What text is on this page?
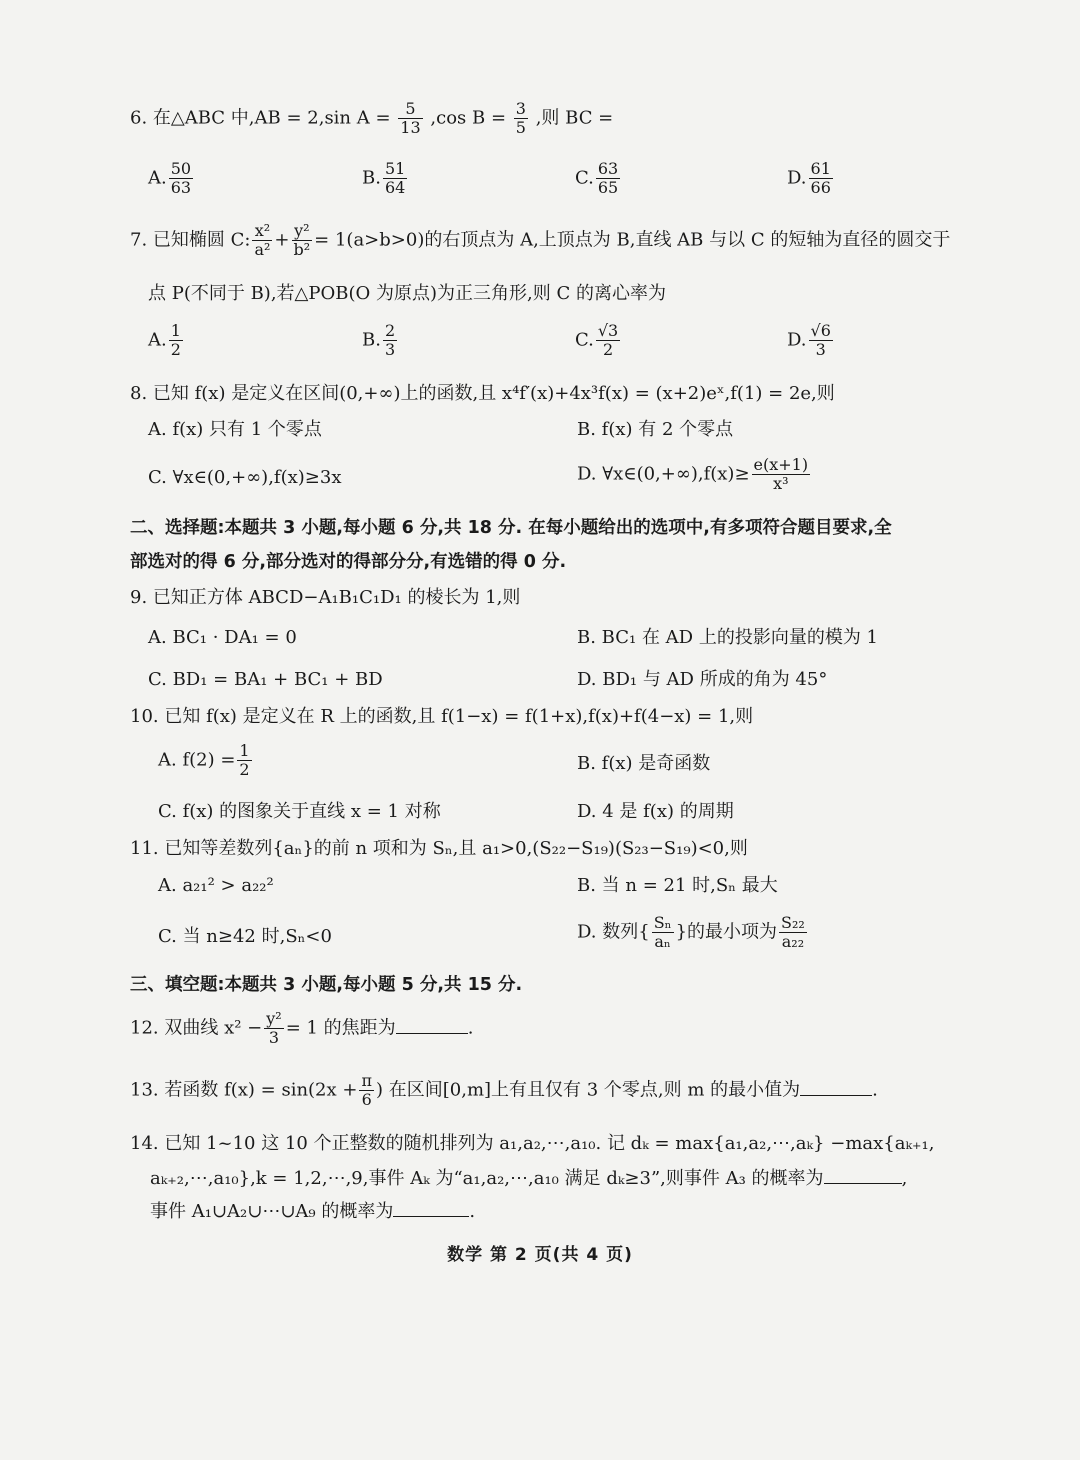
6. 在△ABC 中,AB = 2,sin $A = \frac{5}{13} ,\cos$ $B = \frac{3}{5}$ ,则 BC =
A. $\frac{50}{63}$	B. $\frac{51}{64}$	C. $\frac{63}{65}$	D. $\frac{61}{66}$
7. 已知椭圆 C: $\frac{\text{x²}}{\text{a²}} + \frac{\text{y²}}{\text{b²}} = 1(a>b>0)$的右顶点为 A,上顶点为 B,直线 AB 与以 C 的短轴为直径的圆交于
点 P(不同于 B),若△POB(O 为原点)为正三角形,则 C 的离心率为
A. $\frac{1}{2}$	B. $\frac{2}{3}$	C. $\frac{√3}{2}$	D. $\frac{√6}{3}$
8. 已知 f(x) 是定义在区间(0,+∞)上的函数,且 x⁴f′(x)+4x³f(x) = (x+2)eˣ,f(1) = 2e,则
A. f(x) 只有 1 个零点	B. f(x) 有 2 个零点
C. ∀x∈(0,+∞),f(x)≥3x	D. ∀x∈(0,+∞),f(x)≥ $\frac{e(x+1)}{\text{x³}}$
二、选择题:本题共 3 小题,每小题 6 分,共 18 分. 在每小题给出的选项中,有多项符合题目要求,全
部选对的得 6 分,部分选对的得部分分,有选错的得 0 分.
9. 已知正方体 ABCD−A₁B₁C₁D₁ 的棱长为 1,则
A. BC₁ · DA₁ = 0	B. BC₁ 在 AD 上的投影向量的模为 1
C. BD₁ = BA₁ + BC₁ + BD	D. BD₁ 与 AD 所成的角为 45°
10. 已知 f(x) 是定义在 R 上的函数,且 f(1−x) = f(1+x),f(x)+f(4−x) = 1,则
A. $f(2) = \frac{1}{2}$	B. f(x) 是奇函数
C. f(x) 的图象关于直线 x = 1 对称	D. 4 是 f(x) 的周期
11. 已知等差数列{aₙ}的前 n 项和为 Sₙ,且 a₁>0,(S₂₂−S₁₉)(S₂₃−S₁₉)<0,则
A. a₂₁² > a₂₂²	B. 当 n = 21 时,Sₙ 最大
C. 当 n≥42 时,Sₙ<0	D. 数列{ $\frac{\text{Sₙ}}{\text{aₙ}}$ }的最小项为 $\frac{\text{S₂₂}}{\text{a₂₂}}$
三、填空题:本题共 3 小题,每小题 5 分,共 15 分.
12. 双曲线 $x^2 - \frac{\text{y²}}{3} = 1$ 的焦距为	.
13. 若函数 $f(x) = \sin(2x + \frac{\pi}{6}$ ) 在区间[0,m]上有且仅有 3 个零点,则 m 的最小值为	.
14. 已知 1~10 这 10 个正整数的随机排列为 a₁,a₂,⋯,a₁₀. 记 dₖ = max{a₁,a₂,⋯,aₖ} −max{aₖ₊₁,
aₖ₊₂,⋯,a₁₀},k = 1,2,⋯,9,事件 Aₖ 为“a₁,a₂,⋯,a₁₀ 满足 dₖ≥3”,则事件 A₃ 的概率为	,
事件 A₁∪A₂∪⋯∪A₉ 的概率为	.
数学 第 2 页(共 4 页)
